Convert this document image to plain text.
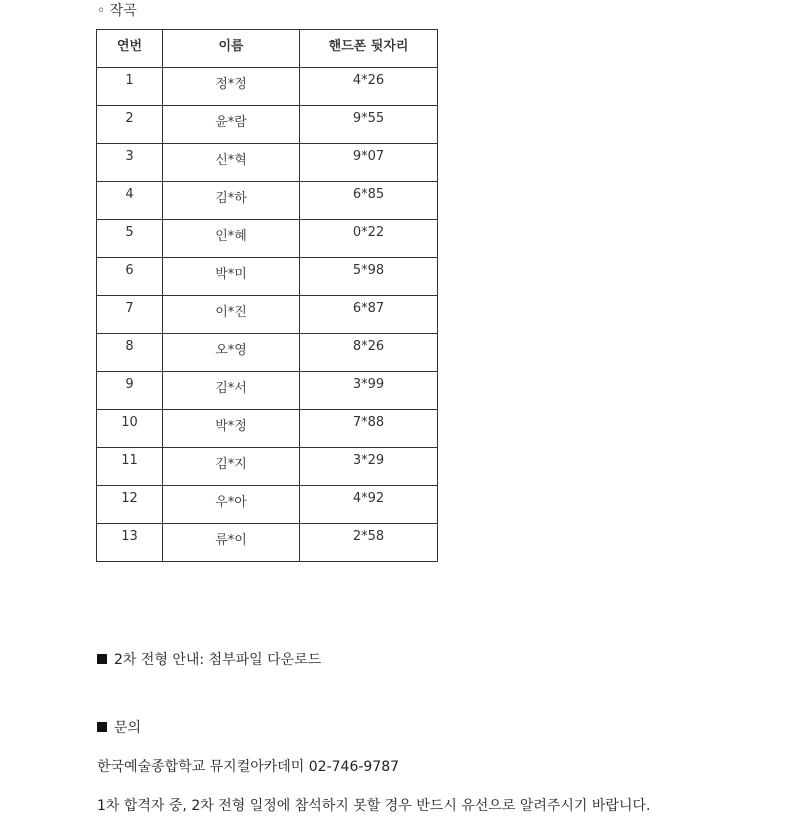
◦ 작곡
연번	이름	핸드폰 뒷자리
1	정*정	4*26
2	윤*람	9*55
3	신*혁	9*07
4	김*하	6*85
5	인*혜	0*22
6	박*미	5*98
7	이*진	6*87
8	오*영	8*26
9	김*서	3*99
10	박*정	7*88
11	김*지	3*29
12	우*아	4*92
13	류*이	2*58
2차 전형 안내: 첨부파일 다운로드
문의
한국예술종합학교 뮤지컬아카데미 02-746-9787
1차 합격자 중, 2차 전형 일정에 참석하지 못할 경우 반드시 유선으로 알려주시기 바랍니다.
